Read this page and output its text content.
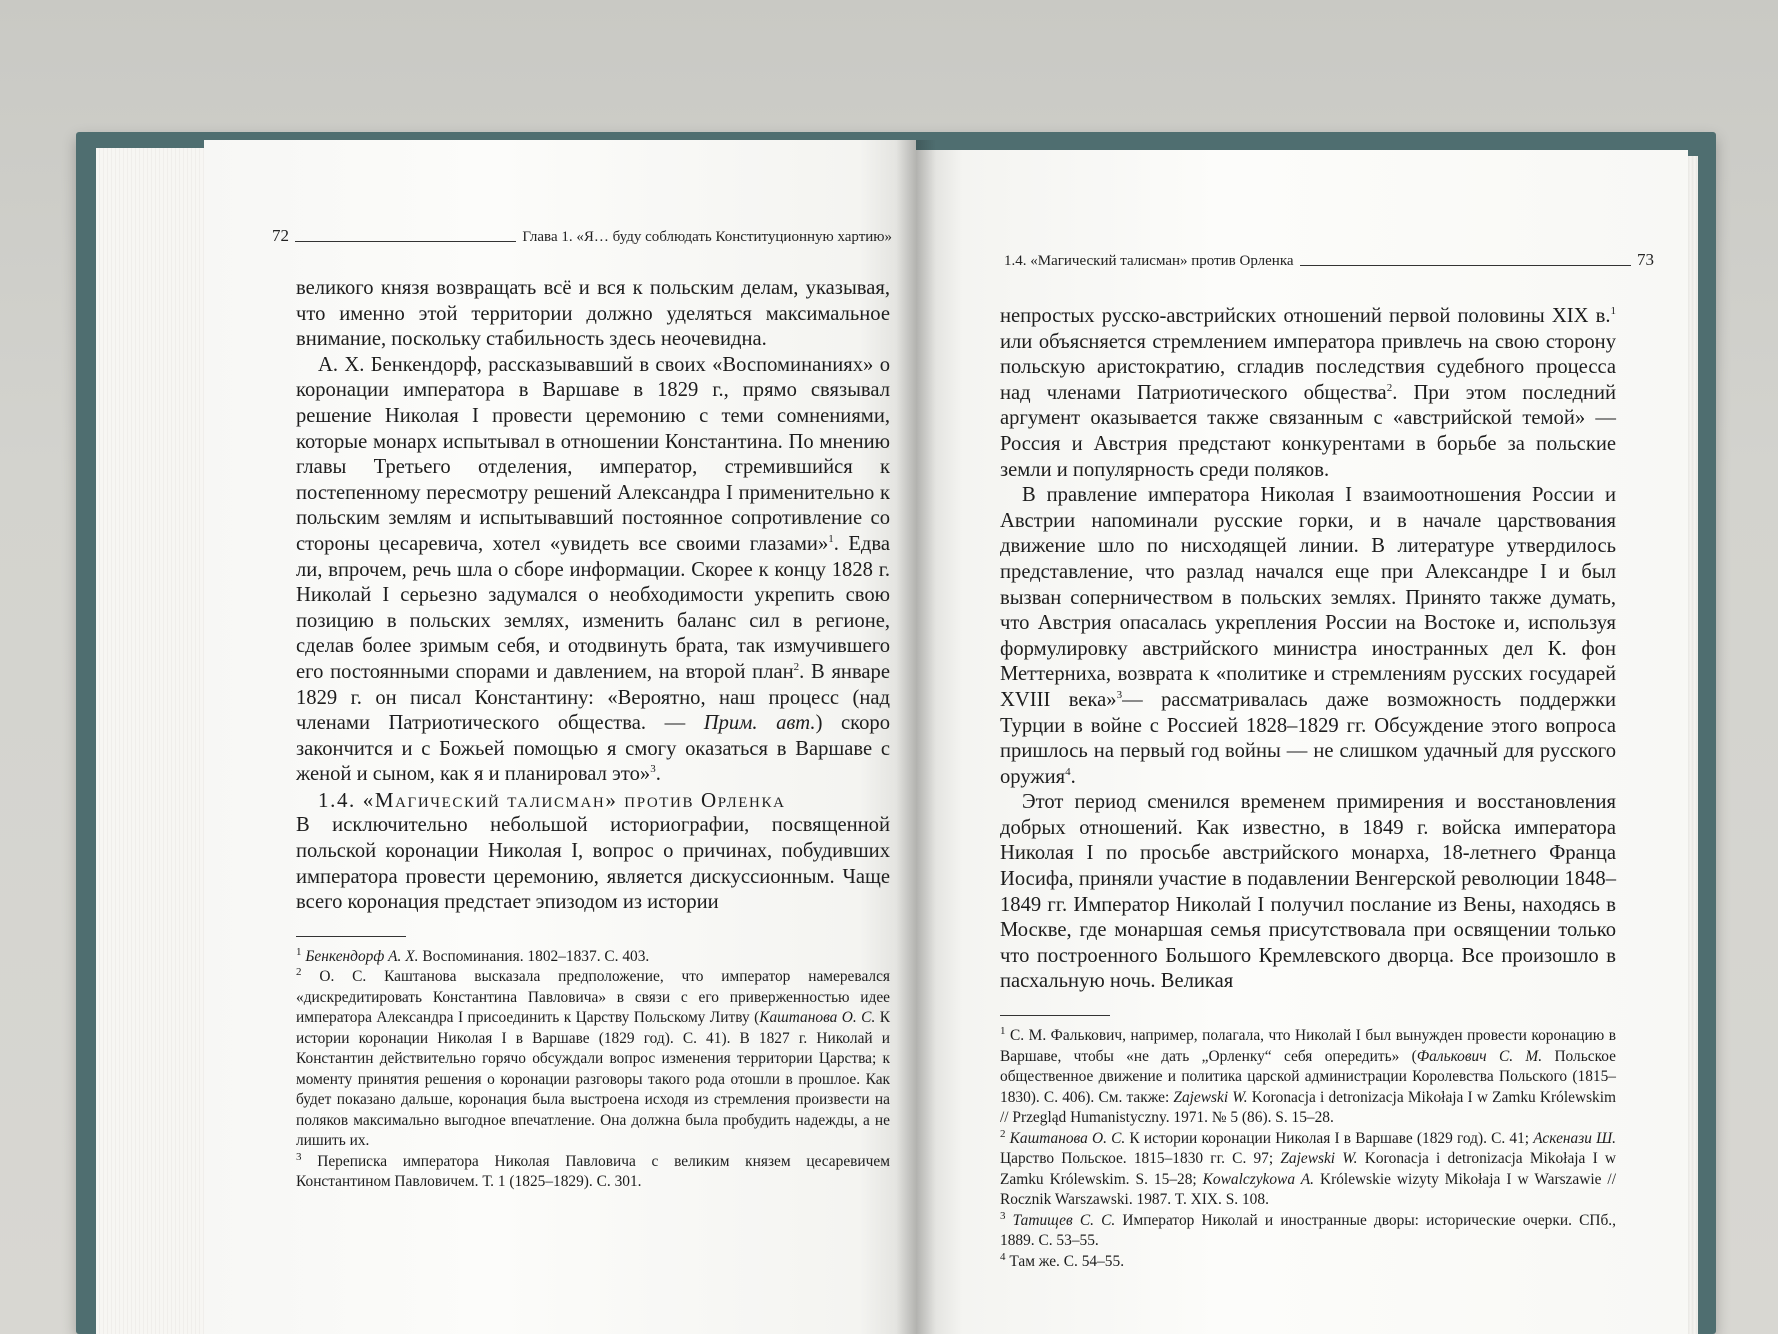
72	Глава 1. «Я… буду соблюдать Конституционную хартию»

великого князя возвращать всё и вся к польским делам, указывая, что именно этой территории должно уделяться максимальное внимание, поскольку стабильность здесь неочевидна.

А. Х. Бенкендорф, рассказывавший в своих «Воспоминаниях» о коронации императора в Варшаве в 1829 г., прямо связывал решение Николая I провести церемонию с теми сомнениями, которые монарх испытывал в отношении Константина. По мнению главы Третьего отделения, император, стремившийся к постепенному пересмотру решений Александра I применительно к польским землям и испытывавший постоянное сопротивление со стороны цесаревича, хотел «увидеть все своими глазами»$^1$. Едва ли, впрочем, речь шла о сборе информации. Скорее к концу 1828 г. Николай I серьезно задумался о необходимости укрепить свою позицию в польских землях, изменить баланс сил в регионе, сделав более зримым себя, и отодвинуть брата, так измучившего его постоянными спорами и давлением, на второй план$^2$. В январе 1829 г. он писал Константину: «Вероятно, наш процесс (над членами Патриотического общества. — Прим. авт.) скоро закончится и с Божьей помощью я смогу оказаться в Варшаве с женой и сыном, как я и планировал это»$^3$.

1.4. «Магический талисман» против Орленка

В исключительно небольшой историографии, посвященной польской коронации Николая I, вопрос о причинах, побудивших императора провести церемонию, является дискуссионным. Чаще всего коронация предстает эпизодом из истории

$^1$ Бенкендорф А. Х. Воспоминания. 1802–1837. С. 403.

$^2$ О. С. Каштанова высказала предположение, что император намеревался «дискредитировать Константина Павловича» в связи с его приверженностью идее императора Александра I присоединить к Царству Польскому Литву (Каштанова О. С. К истории коронации Николая I в Варшаве (1829 год). С. 41). В 1827 г. Николай и Константин действительно горячо обсуждали вопрос изменения территории Царства; к моменту принятия решения о коронации разговоры такого рода отошли в прошлое. Как будет показано дальше, коронация была выстроена исходя из стремления произвести на поляков максимально выгодное впечатление. Она должна была пробудить надежды, а не лишить их.

$^3$ Переписка императора Николая Павловича с великим князем цесаревичем Константином Павловичем. Т. 1 (1825–1829). С. 301.

1.4. «Магический талисман» против Орленка	73

непростых русско-австрийских отношений первой половины XIX в.$^1$ или объясняется стремлением императора привлечь на свою сторону польскую аристократию, сгладив последствия судебного процесса над членами Патриотического общества$^2$. При этом последний аргумент оказывается также связанным с «австрийской темой» — Россия и Австрия предстают конкурентами в борьбе за польские земли и популярность среди поляков.

В правление императора Николая I взаимоотношения России и Австрии напоминали русские горки, и в начале царствования движение шло по нисходящей линии. В литературе утвердилось представление, что разлад начался еще при Александре I и был вызван соперничеством в польских землях. Принято также думать, что Австрия опасалась укрепления России на Востоке и, используя формулировку австрийского министра иностранных дел К. фон Меттерниха, возврата к «политике и стремлениям русских государей XVIII века»$^3$— рассматривалась даже возможность поддержки Турции в войне с Россией 1828–1829 гг. Обсуждение этого вопроса пришлось на первый год войны — не слишком удачный для русского оружия$^4$.

Этот период сменился временем примирения и восстановления добрых отношений. Как известно, в 1849 г. войска императора Николая I по просьбе австрийского монарха, 18-летнего Франца Иосифа, приняли участие в подавлении Венгерской революции 1848–1849 гг. Император Николай I получил послание из Вены, находясь в Москве, где монаршая семья присутствовала при освящении только что построенного Большого Кремлевского дворца. Все произошло в пасхальную ночь. Великая

$^1$ С. М. Фалькович, например, полагала, что Николай I был вынужден провести коронацию в Варшаве, чтобы «не дать „Орленку“ себя опередить» (Фалькович С. М. Польское общественное движение и политика царской администрации Королевства Польского (1815–1830). С. 406). См. также: Zajewski W. Koronacja i detronizacja Mikołaja I w Zamku Królewskim // Przegląd Humanistyczny. 1971. № 5 (86). S. 15–28.

$^2$ Каштанова О. С. К истории коронации Николая I в Варшаве (1829 год). С. 41; Аскенази Ш. Царство Польское. 1815–1830 гг. С. 97; Zajewski W. Koronacja i detronizacja Mikołaja I w Zamku Królewskim. S. 15–28; Kowalczykowa A. Królewskie wizyty Mikołaja I w Warszawie // Rocznik Warszawski. 1987. T. XIX. S. 108.

$^3$ Татищев С. С. Император Николай и иностранные дворы: исторические очерки. СПб., 1889. С. 53–55.

$^4$ Там же. С. 54–55.
